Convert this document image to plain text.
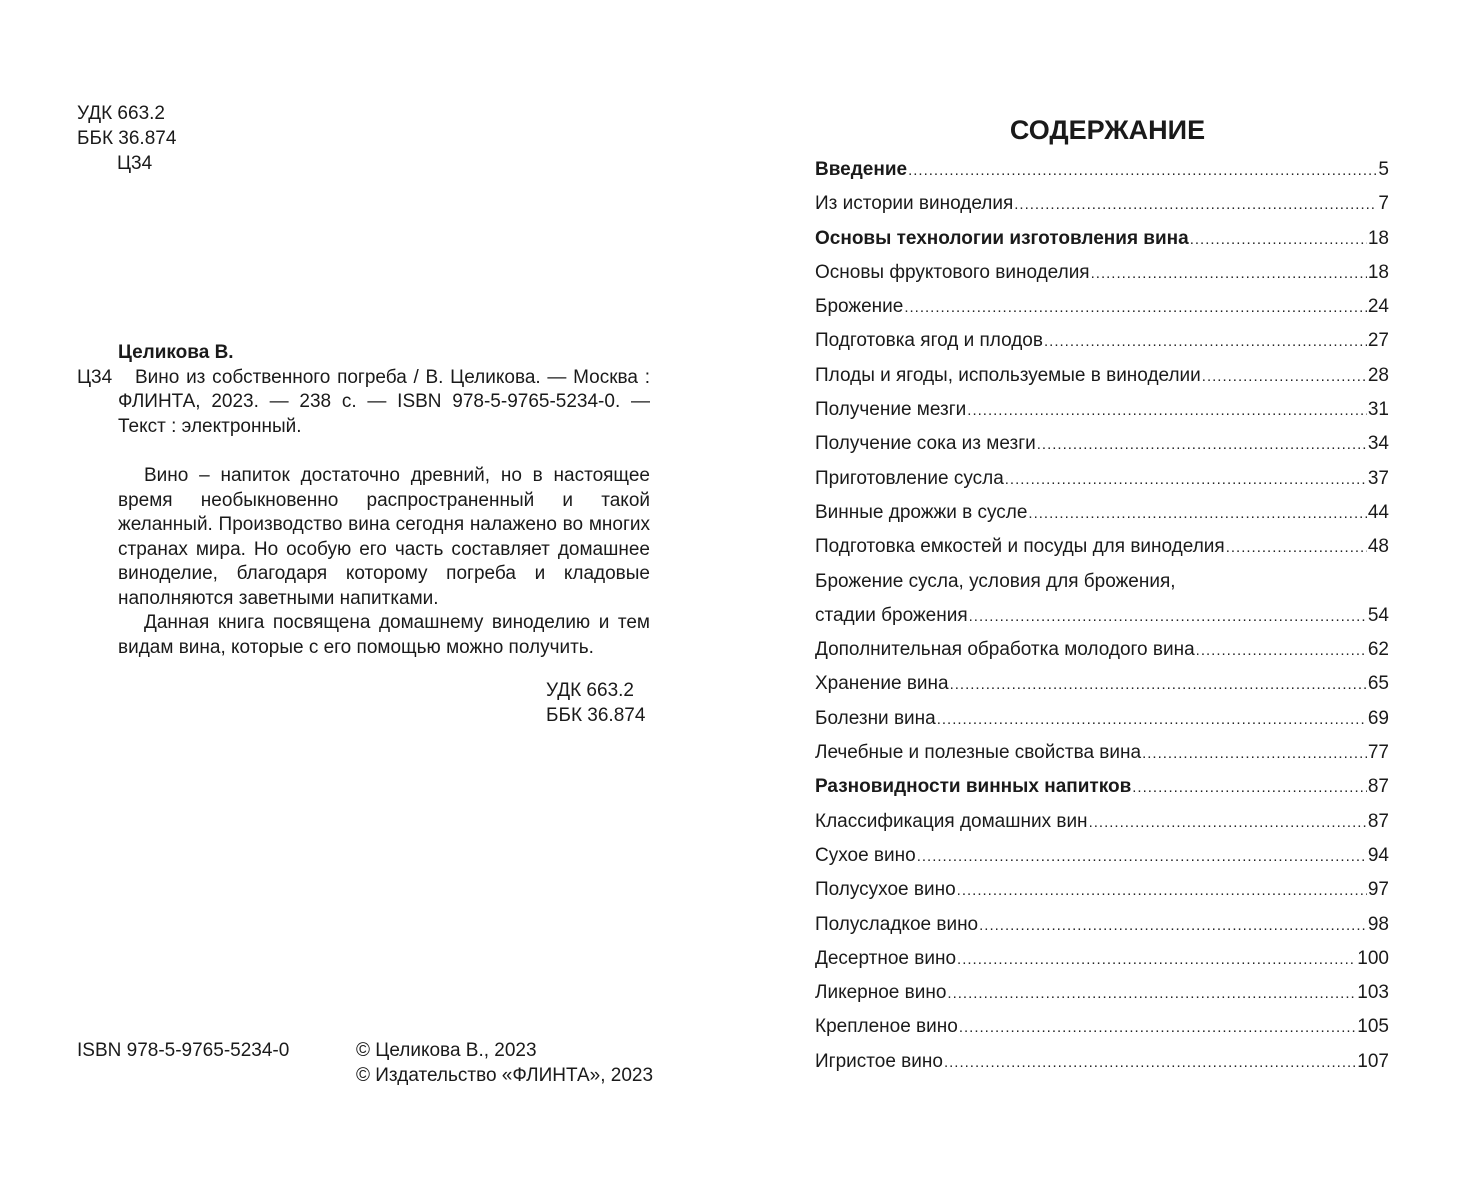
УДК 663.2
ББК 36.874
Ц34
Целикова В.
Ц34	Вино из собственного погреба / В. Целикова. — Москва : ФЛИНТА, 2023. — 238 с. — ISBN 978-5-9765-5234-0. — Текст : электронный.

Вино – напиток достаточно древний, но в настоящее время необыкновенно распространенный и такой желанный. Производство вина сегодня налажено во многих странах мира. Но особую его часть составляет домашнее виноделие, благодаря которому погреба и кладовые наполняются заветными напитками.

Данная книга посвящена домашнему виноделию и тем видам вина, которые с его помощью можно получить.

УДК 663.2
ББК 36.874
ISBN 978-5-9765-5234-0	© Целикова В., 2023
© Издательство «ФЛИНТА», 2023
СОДЕРЖАНИЕ
Введение .....	5
Из истории виноделия .....	7
Основы технологии изготовления вина .....	18
Основы фруктового виноделия .....	18
Брожение .....	24
Подготовка ягод и плодов .....	27
Плоды и ягоды, используемые в виноделии .....	28
Получение мезги .....	31
Получение сока из мезги .....	34
Приготовление сусла .....	37
Винные дрожжи в сусле .....	44
Подготовка емкостей и посуды для виноделия .....	48
Брожение сусла, условия для брожения,
стадии брожения .....	54
Дополнительная обработка молодого вина .....	62
Хранение вина .....	65
Болезни вина .....	69
Лечебные и полезные свойства вина .....	77
Разновидности винных напитков .....	87
Классификация домашних вин .....	87
Сухое вино .....	94
Полусухое вино .....	97
Полусладкое вино .....	98
Десертное вино .....	100
Ликерное вино .....	103
Крепленое вино .....	105
Игристое вино .....	107
